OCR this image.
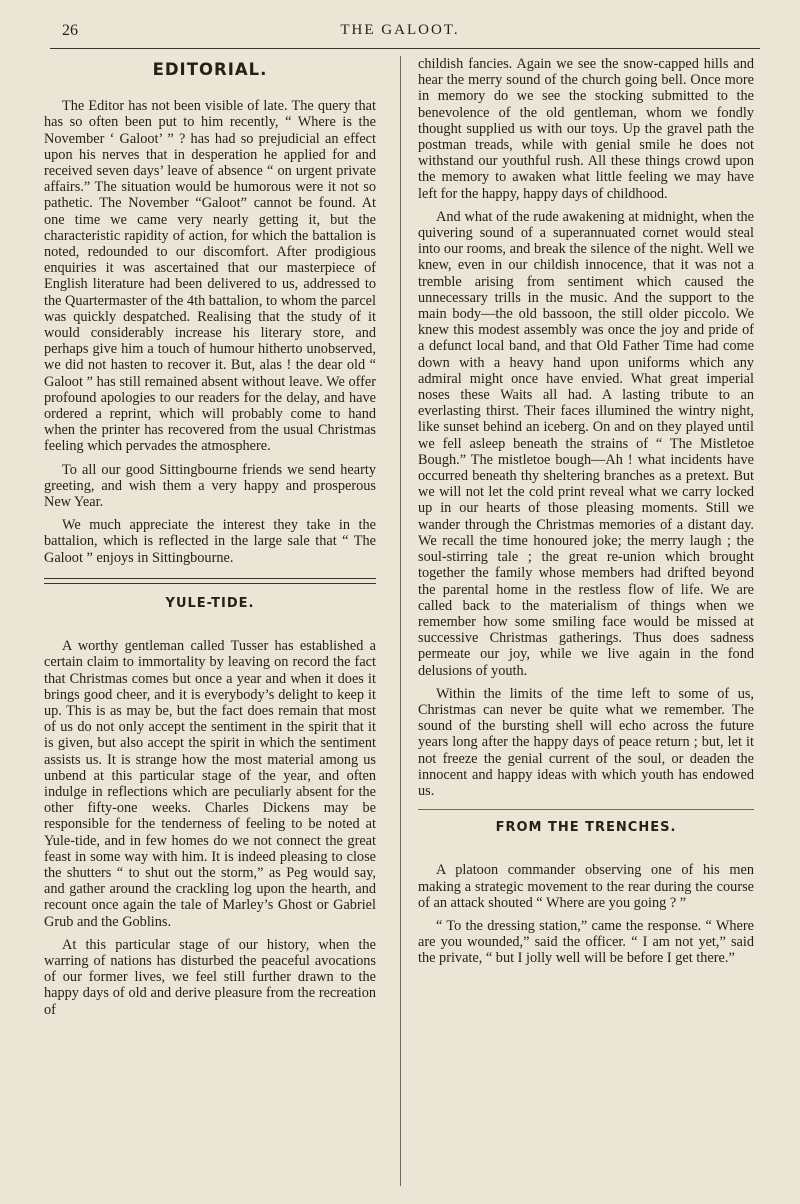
26	THE GALOOT.
EDITORIAL.

The Editor has not been visible of late. The query that has so often been put to him recently, “ Where is the November ‘ Galoot’ ” ? has had so prejudicial an effect upon his nerves that in desperation he applied for and received seven days’ leave of absence “ on urgent private affairs.” The situation would be humorous were it not so pathetic. The November “Galoot” cannot be found. At one time we came very nearly getting it, but the characteristic rapidity of action, for which the battalion is noted, redounded to our discomfort. After prodigious enquiries it was ascertained that our masterpiece of English literature had been delivered to us, addressed to the Quartermaster of the 4th battalion, to whom the parcel was quickly despatched. Realising that the study of it would considerably increase his literary store, and perhaps give him a touch of humour hitherto unobserved, we did not hasten to recover it. But, alas ! the dear old “ Galoot ” has still remained absent without leave. We offer profound apologies to our readers for the delay, and have ordered a reprint, which will probably come to hand when the printer has recovered from the usual Christmas feeling which pervades the atmosphere.

To all our good Sittingbourne friends we send hearty greeting, and wish them a very happy and prosperous New Year.

We much appreciate the interest they take in the battalion, which is reflected in the large sale that “ The Galoot ” enjoys in Sittingbourne.

YULE-TIDE.

A worthy gentleman called Tusser has established a certain claim to immortality by leaving on record the fact that Christmas comes but once a year and when it does it brings good cheer, and it is everybody’s delight to keep it up. This is as may be, but the fact does remain that most of us do not only accept the sentiment in the spirit that it is given, but also accept the spirit in which the sentiment assists us. It is strange how the most material among us unbend at this particular stage of the year, and often indulge in reflections which are peculiarly absent for the other fifty-one weeks. Charles Dickens may be responsible for the tenderness of feeling to be noted at Yule-tide, and in few homes do we not connect the great feast in some way with him. It is indeed pleasing to close the shutters “ to shut out the storm,” as Peg would say, and gather around the crackling log upon the hearth, and recount once again the tale of Marley’s Ghost or Gabriel Grub and the Goblins.

At this particular stage of our history, when the warring of nations has disturbed the peaceful avocations of our former lives, we feel still further drawn to the happy days of old and derive pleasure from the recreation of

childish fancies. Again we see the snow-capped hills and hear the merry sound of the church going bell. Once more in memory do we see the stocking submitted to the benevolence of the old gentleman, whom we fondly thought supplied us with our toys. Up the gravel path the postman treads, while with genial smile he does not withstand our youthful rush. All these things crowd upon the memory to awaken what little feeling we may have left for the happy, happy days of childhood.

And what of the rude awakening at midnight, when the quivering sound of a superannuated cornet would steal into our rooms, and break the silence of the night. Well we knew, even in our childish innocence, that it was not a tremble arising from sentiment which caused the unnecessary trills in the music. And the support to the main body—the old bassoon, the still older piccolo. We knew this modest assembly was once the joy and pride of a defunct local band, and that Old Father Time had come down with a heavy hand upon uniforms which any admiral might once have envied. What great imperial noses these Waits all had. A lasting tribute to an everlasting thirst. Their faces illumined the wintry night, like sunset behind an iceberg. On and on they played until we fell asleep beneath the strains of “ The Mistletoe Bough.” The mistletoe bough—Ah ! what incidents have occurred beneath thy sheltering branches as a pretext. But we will not let the cold print reveal what we carry locked up in our hearts of those pleasing moments. Still we wander through the Christmas memories of a distant day. We recall the time honoured joke; the merry laugh ; the soul-stirring tale ; the great re-union which brought together the family whose members had drifted beyond the parental home in the restless flow of life. We are called back to the materialism of things when we remember how some smiling face would be missed at successive Christmas gatherings. Thus does sadness permeate our joy, while we live again in the fond delusions of youth.

Within the limits of the time left to some of us, Christmas can never be quite what we remember. The sound of the bursting shell will echo across the future years long after the happy days of peace return ; but, let it not freeze the genial current of the soul, or deaden the innocent and happy ideas with which youth has endowed us.

FROM THE TRENCHES.

A platoon commander observing one of his men making a strategic movement to the rear during the course of an attack shouted “ Where are you going ? ”

“ To the dressing station,” came the response. “ Where are you wounded,” said the officer. “ I am not yet,” said the private, “ but I jolly well will be before I get there.”
